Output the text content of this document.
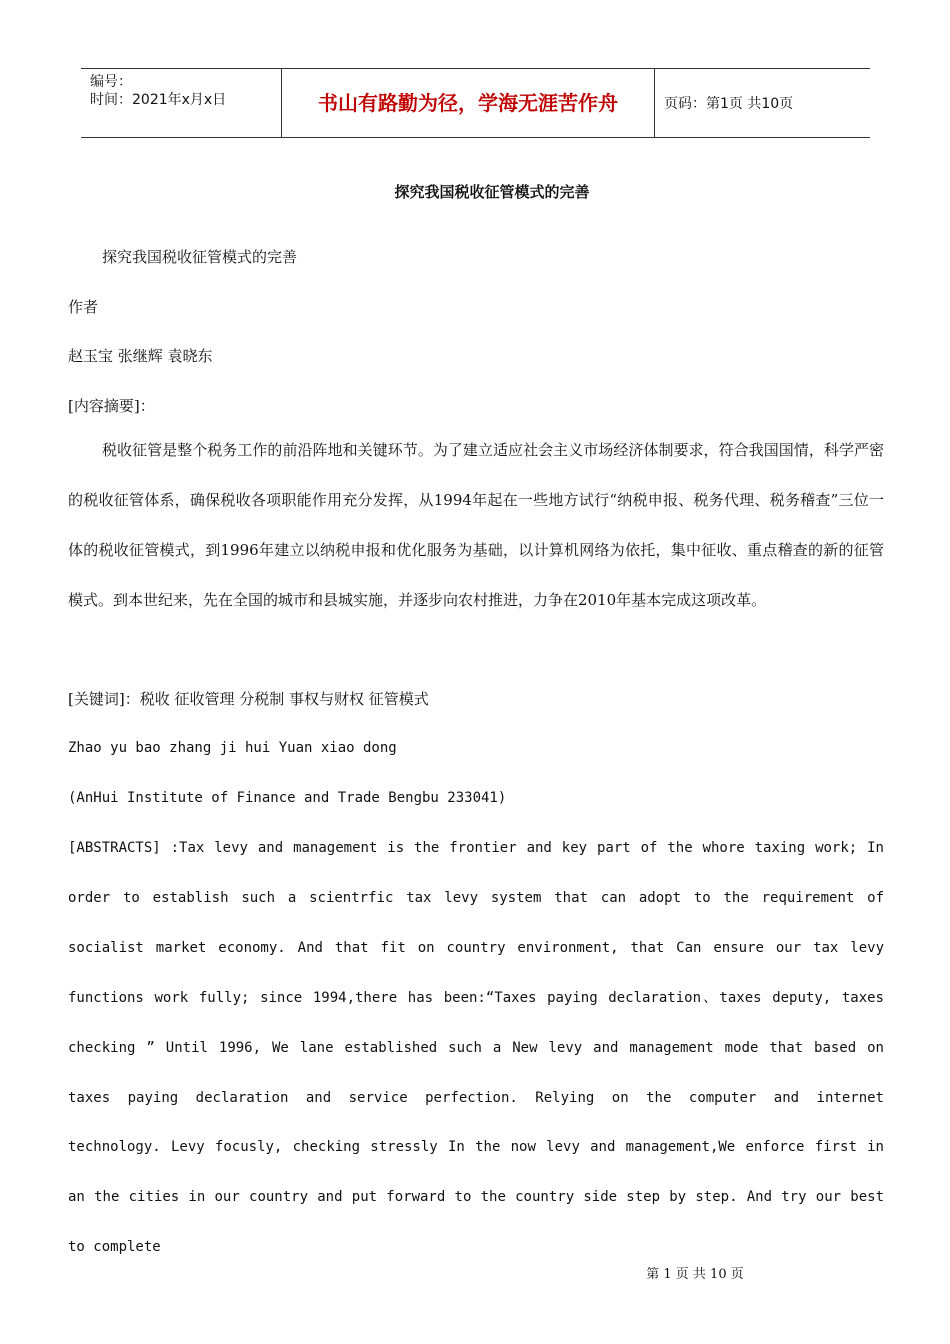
编号：
时间：2021年x月x日	书山有路勤为径，学海无涯苦作舟	页码：第1页 共10页
探究我国税收征管模式的完善
探究我国税收征管模式的完善
作者
赵玉宝 张继辉 袁晓东
[内容摘要]：
税收征管是整个税务工作的前沿阵地和关键环节。为了建立适应社会主义市场经济体制要求，符合我国国情，科学严密的税收征管体系，确保税收各项职能作用充分发挥，从1994年起在一些地方试行“纳税申报、税务代理、税务稽查”三位一体的税收征管模式，到1996年建立以纳税申报和优化服务为基础，以计算机网络为依托，集中征收、重点稽查的新的征管模式。到本世纪来，先在全国的城市和县城实施，并逐步向农村推进，力争在2010年基本完成这项改革。
[关键词]：税收 征收管理 分税制 事权与财权 征管模式
Zhao yu bao zhang ji hui Yuan xiao dong
(AnHui Institute of Finance and Trade Bengbu 233041)
[ABSTRACTS] :Tax levy and management is the frontier and key part of the whore taxing work; In order to establish such a scientrfic tax levy system that can adopt to the requirement of socialist market economy. And that fit on country environment, that Can ensure our tax levy functions work fully; since 1994,there has been:“Taxes paying declaration、taxes deputy, taxes checking ” Until 1996, We lane established such a New levy and management mode that based on taxes paying declaration and service perfection. Relying on the computer and internet technology. Levy focusly, checking stressly In the now levy and management,We enforce first in an the cities in our country and put forward to the country side step by step. And try our best to complete
第 1 页 共 10 页
